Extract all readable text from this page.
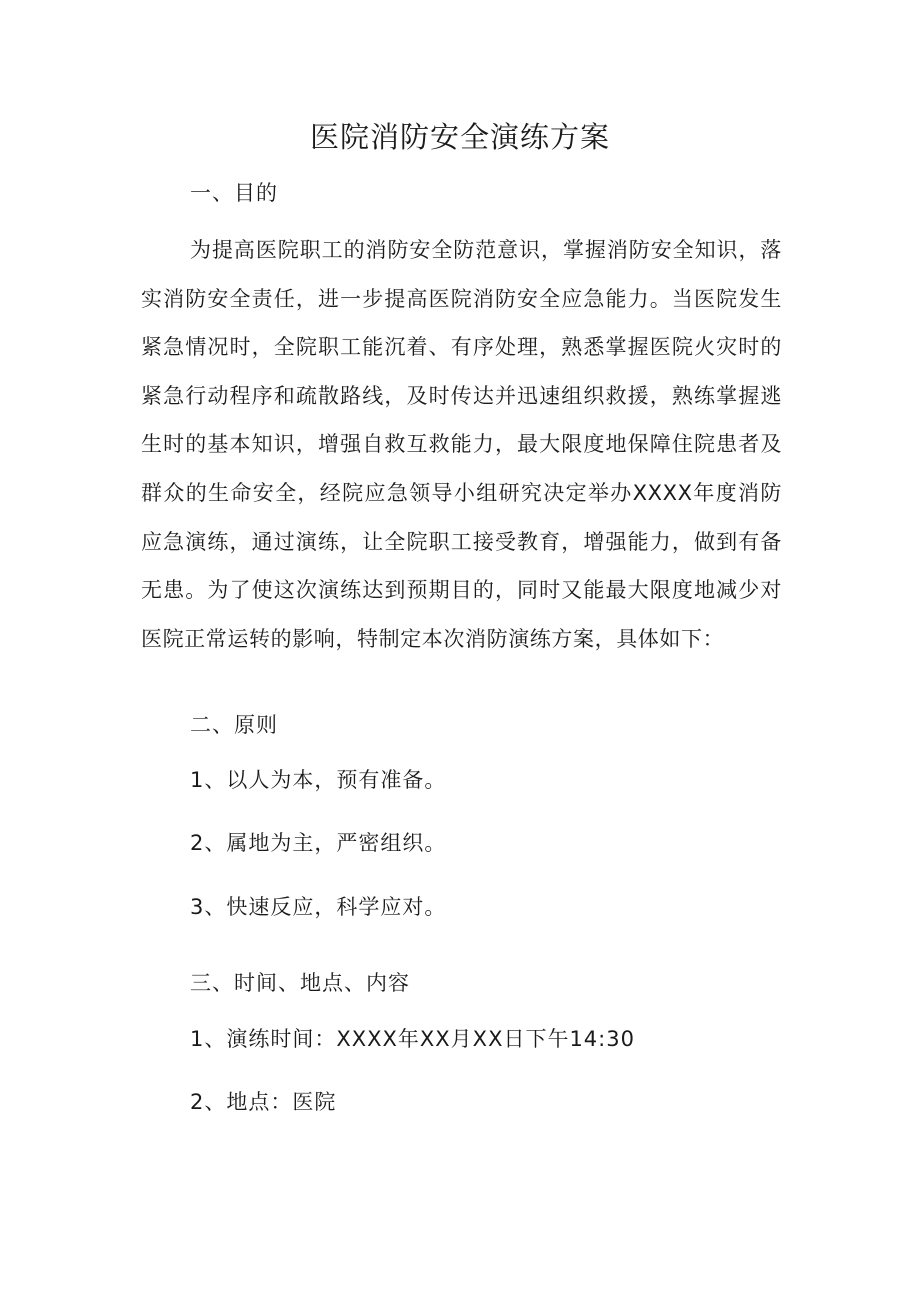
医院消防安全演练方案
一、目的

为提高医院职工的消防安全防范意识，掌握消防安全知识，落实消防安全责任，进一步提高医院消防安全应急能力。当医院发生紧急情况时，全院职工能沉着、有序处理，熟悉掌握医院火灾时的紧急行动程序和疏散路线，及时传达并迅速组织救援，熟练掌握逃生时的基本知识，增强自救互救能力，最大限度地保障住院患者及群众的生命安全，经院应急领导小组研究决定举办XXXX年度消防应急演练，通过演练，让全院职工接受教育，增强能力，做到有备无患。为了使这次演练达到预期目的，同时又能最大限度地减少对医院正常运转的影响，特制定本次消防演练方案，具体如下：

二、原则
1、以人为本，预有准备。
2、属地为主，严密组织。
3、快速反应，科学应对。
三、时间、地点、内容
1、演练时间：XXXX年XX月XX日下午14:30
2、地点：医院
